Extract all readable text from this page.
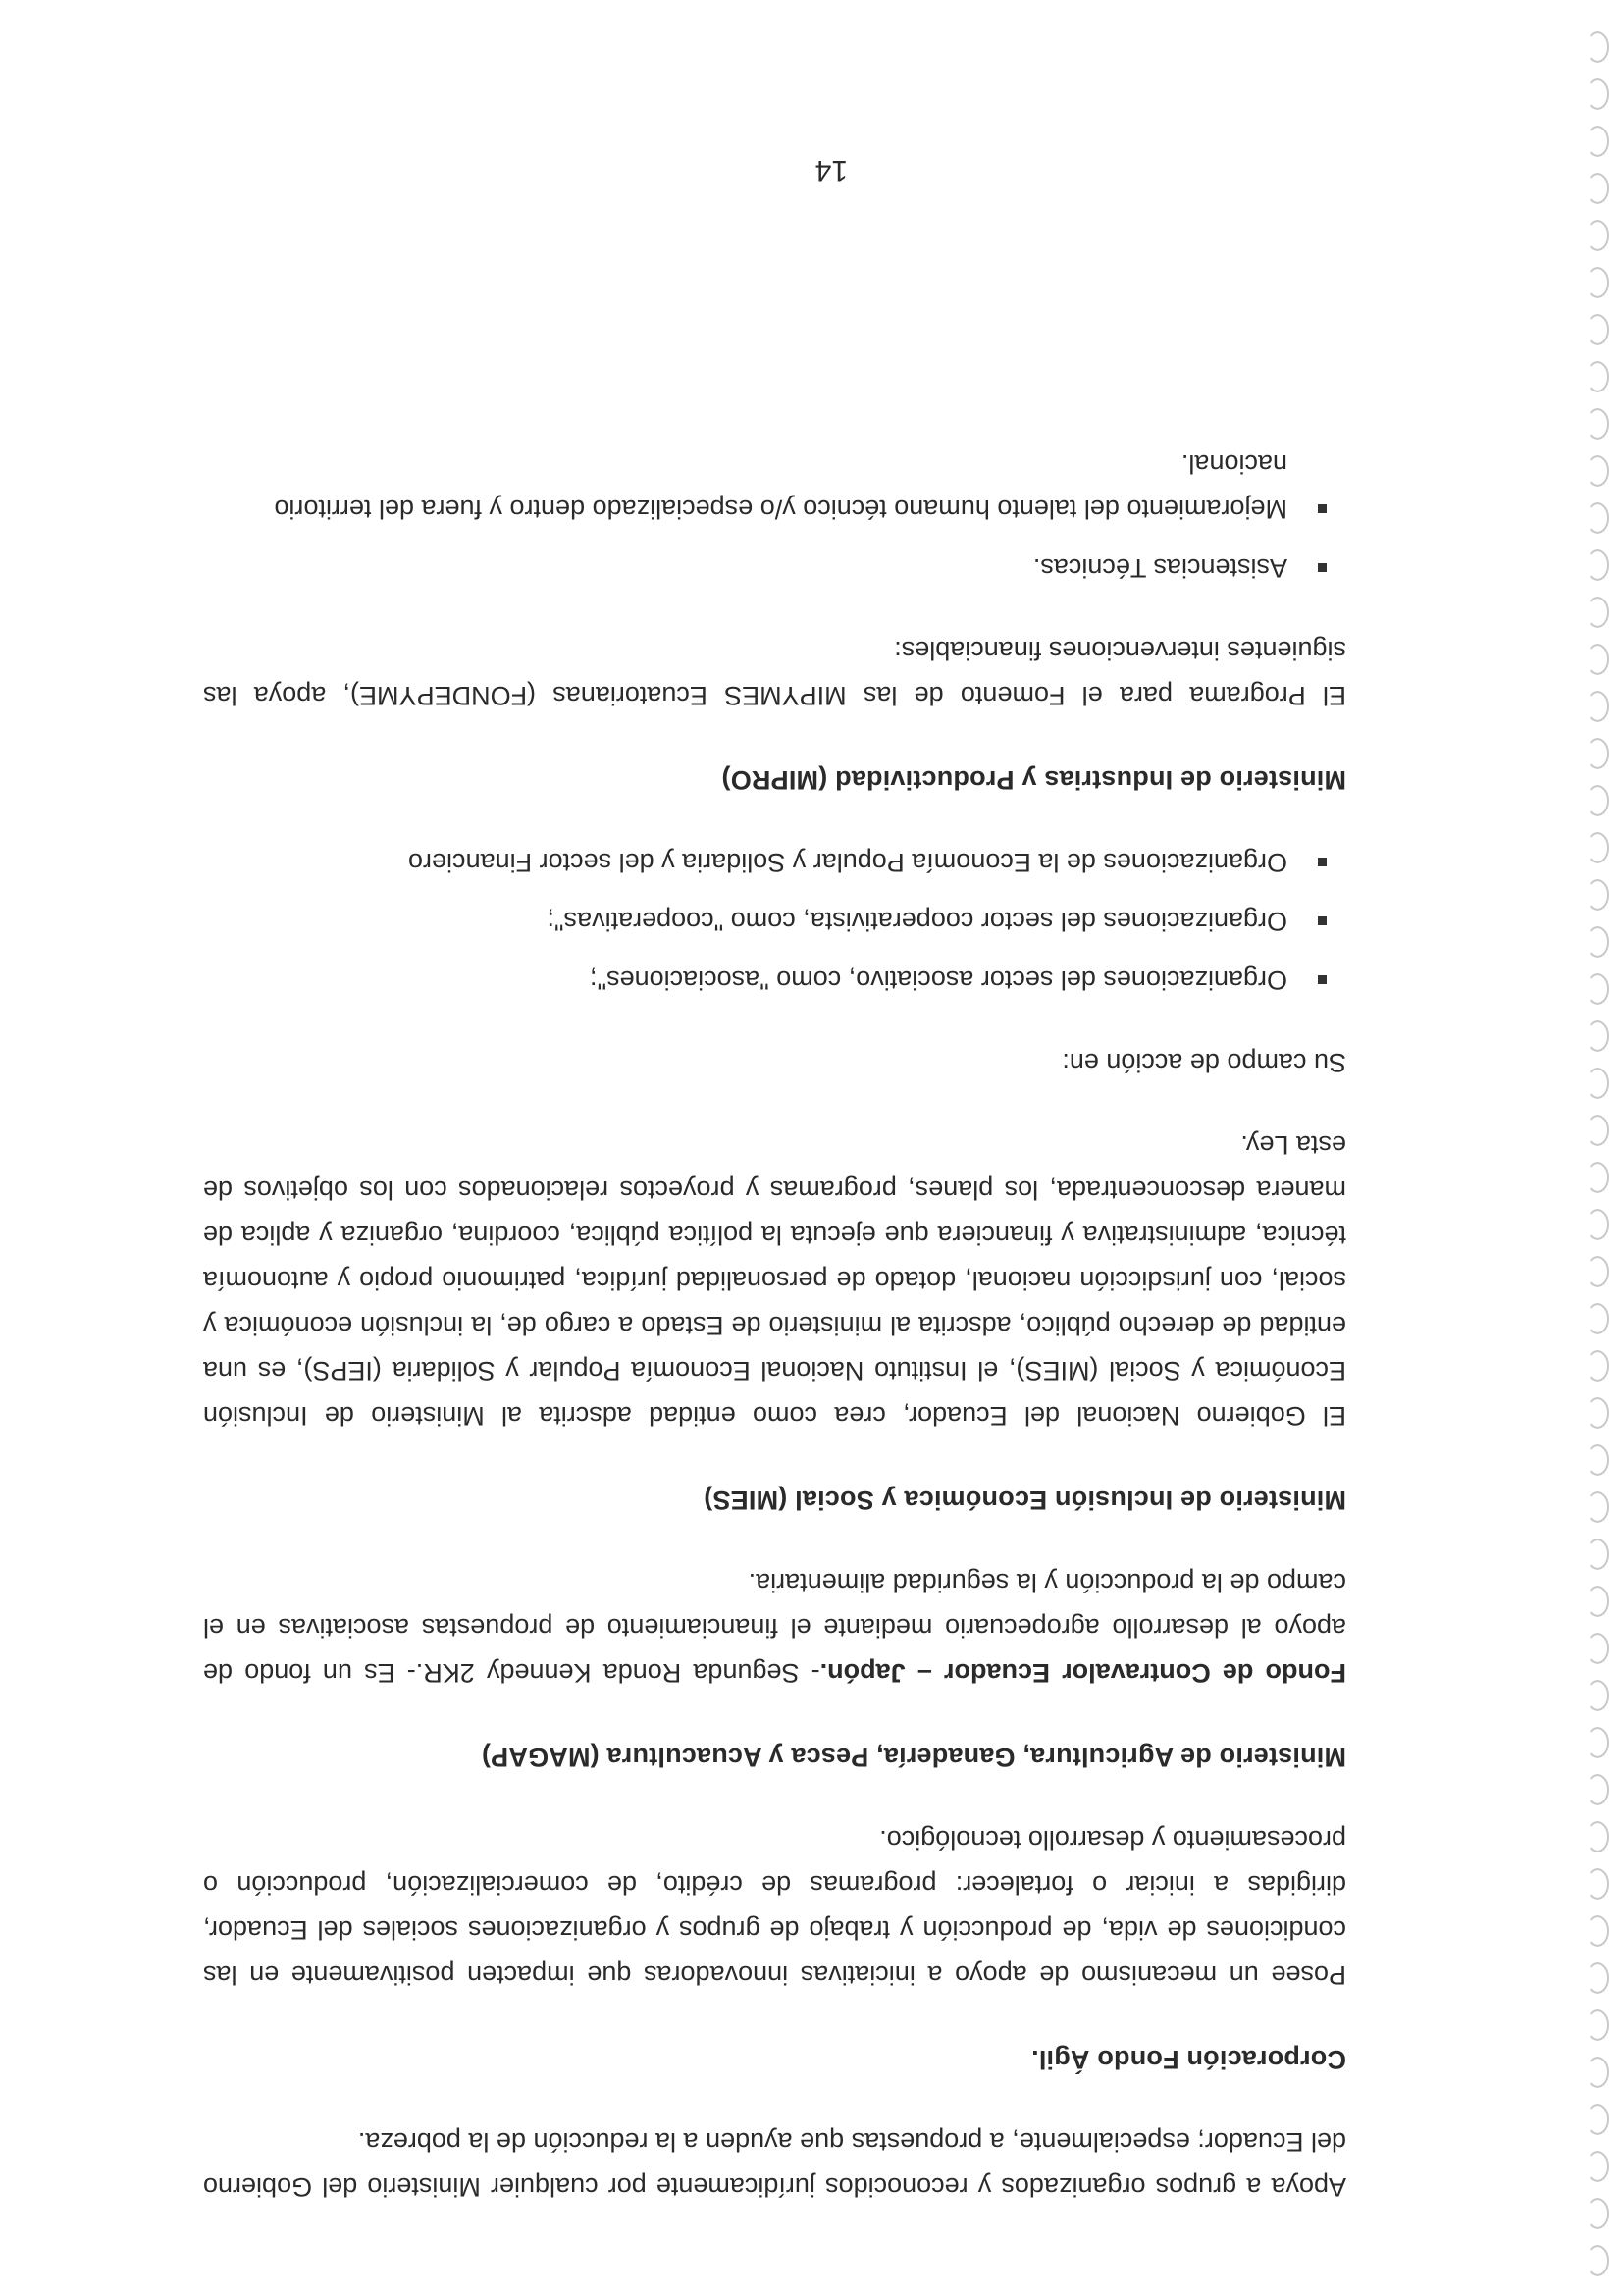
Apoya a grupos organizados y reconocidos jurídicamente por cualquier Ministerio del Gobierno del Ecuador; especialmente, a propuestas que ayuden a la reducción de la pobreza.

Corporación Fondo Ágil.

Posee un mecanismo de apoyo a iniciativas innovadoras que impacten positivamente en las condiciones de vida, de producción y trabajo de grupos y organizaciones sociales del Ecuador, dirigidas a iniciar o fortalecer: programas de crédito, de comercialización, producción o procesamiento y desarrollo tecnológico.

Ministerio de Agricultura, Ganadería, Pesca y Acuacultura (MAGAP)

Fondo de Contravalor Ecuador – Japón.- Segunda Ronda Kennedy 2KR.- Es un fondo de apoyo al desarrollo agropecuario mediante el financiamiento de propuestas asociativas en el campo de la producción y la seguridad alimentaria.

Ministerio de Inclusión Económica y Social (MIES)

El Gobierno Nacional del Ecuador, crea como entidad adscrita al Ministerio de Inclusión Económica y Social (MIES), el Instituto Nacional Economía Popular y Solidaria (IEPS), es una entidad de derecho público, adscrita al ministerio de Estado a cargo de, la inclusión económica y social, con jurisdicción nacional, dotado de personalidad jurídica, patrimonio propio y autonomía técnica, administrativa y financiera que ejecuta la política pública, coordina, organiza y aplica de manera desconcentrada, los planes, programas y proyectos relacionados con los objetivos de esta Ley.

Su campo de acción en:

Organizaciones del sector asociativo, como "asociaciones";
Organizaciones del sector cooperativista, como "cooperativas";
Organizaciones de la Economía Popular y Solidaria y del sector Financiero
Ministerio de Industrias y Productividad (MIPRO)

El Programa para el Fomento de las MIPYMES Ecuatorianas (FONDEPYME), apoya las siguientes intervenciones financiables:

Asistencias Técnicas.
Mejoramiento del talento humano técnico y/o especializado dentro y fuera del territorio nacional.
14
